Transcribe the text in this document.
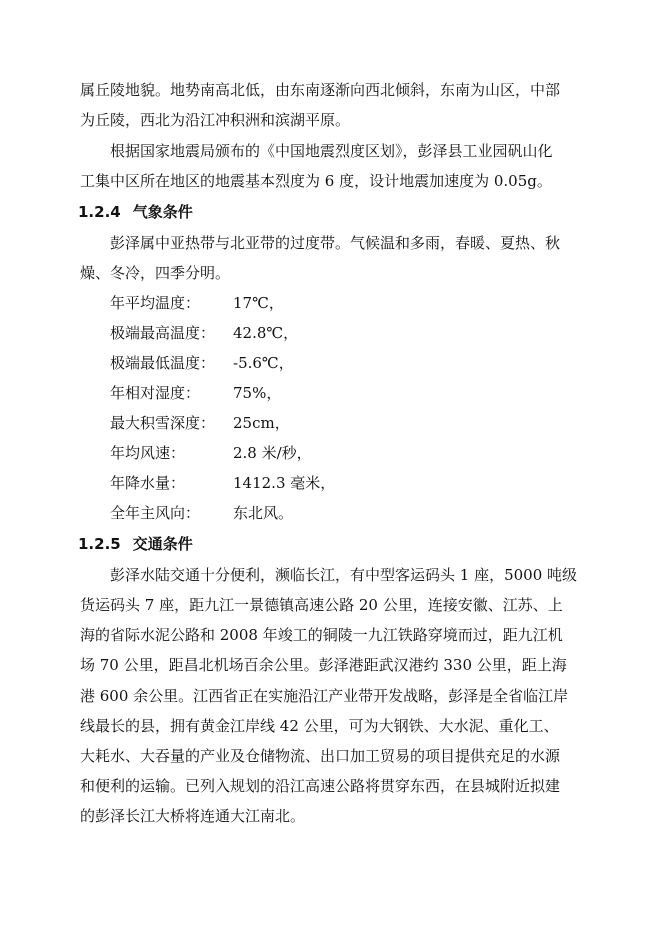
属丘陵地貌。地势南高北低，由东南逐渐向西北倾斜，东南为山区，中部
为丘陵，西北为沿江冲积洲和滨湖平原。
根据国家地震局颁布的《中国地震烈度区划》，彭泽县工业园矾山化
工集中区所在地区的地震基本烈度为 6 度，设计地震加速度为 0.05g。
1.2.4 气象条件
彭泽属中亚热带与北亚带的过度带。气候温和多雨，春暖、夏热、秋
燥、冬冷，四季分明。
年平均温度： 17℃，
极端最高温度： 42.8℃，
极端最低温度： -5.6℃，
年相对湿度： 75%，
最大积雪深度： 25cm，
年均风速：	2.8 米/秒，
年降水量：	1412.3 毫米，
全年主风向： 东北风。
1.2.5 交通条件
彭泽水陆交通十分便利，濒临长江，有中型客运码头 1 座，5000 吨级
货运码头 7 座，距九江一景德镇高速公路 20 公里，连接安徽、江苏、上
海的省际水泥公路和 2008 年竣工的铜陵一九江铁路穿境而过，距九江机
场 70 公里，距昌北机场百余公里。彭泽港距武汉港约 330 公里，距上海
港 600 余公里。江西省正在实施沿江产业带开发战略，彭泽是全省临江岸
线最长的县，拥有黄金江岸线 42 公里，可为大钢铁、大水泥、重化工、
大耗水、大吞量的产业及仓储物流、出口加工贸易的项目提供充足的水源
和便利的运输。已列入规划的沿江高速公路将贯穿东西，在县城附近拟建
的彭泽长江大桥将连通大江南北。
